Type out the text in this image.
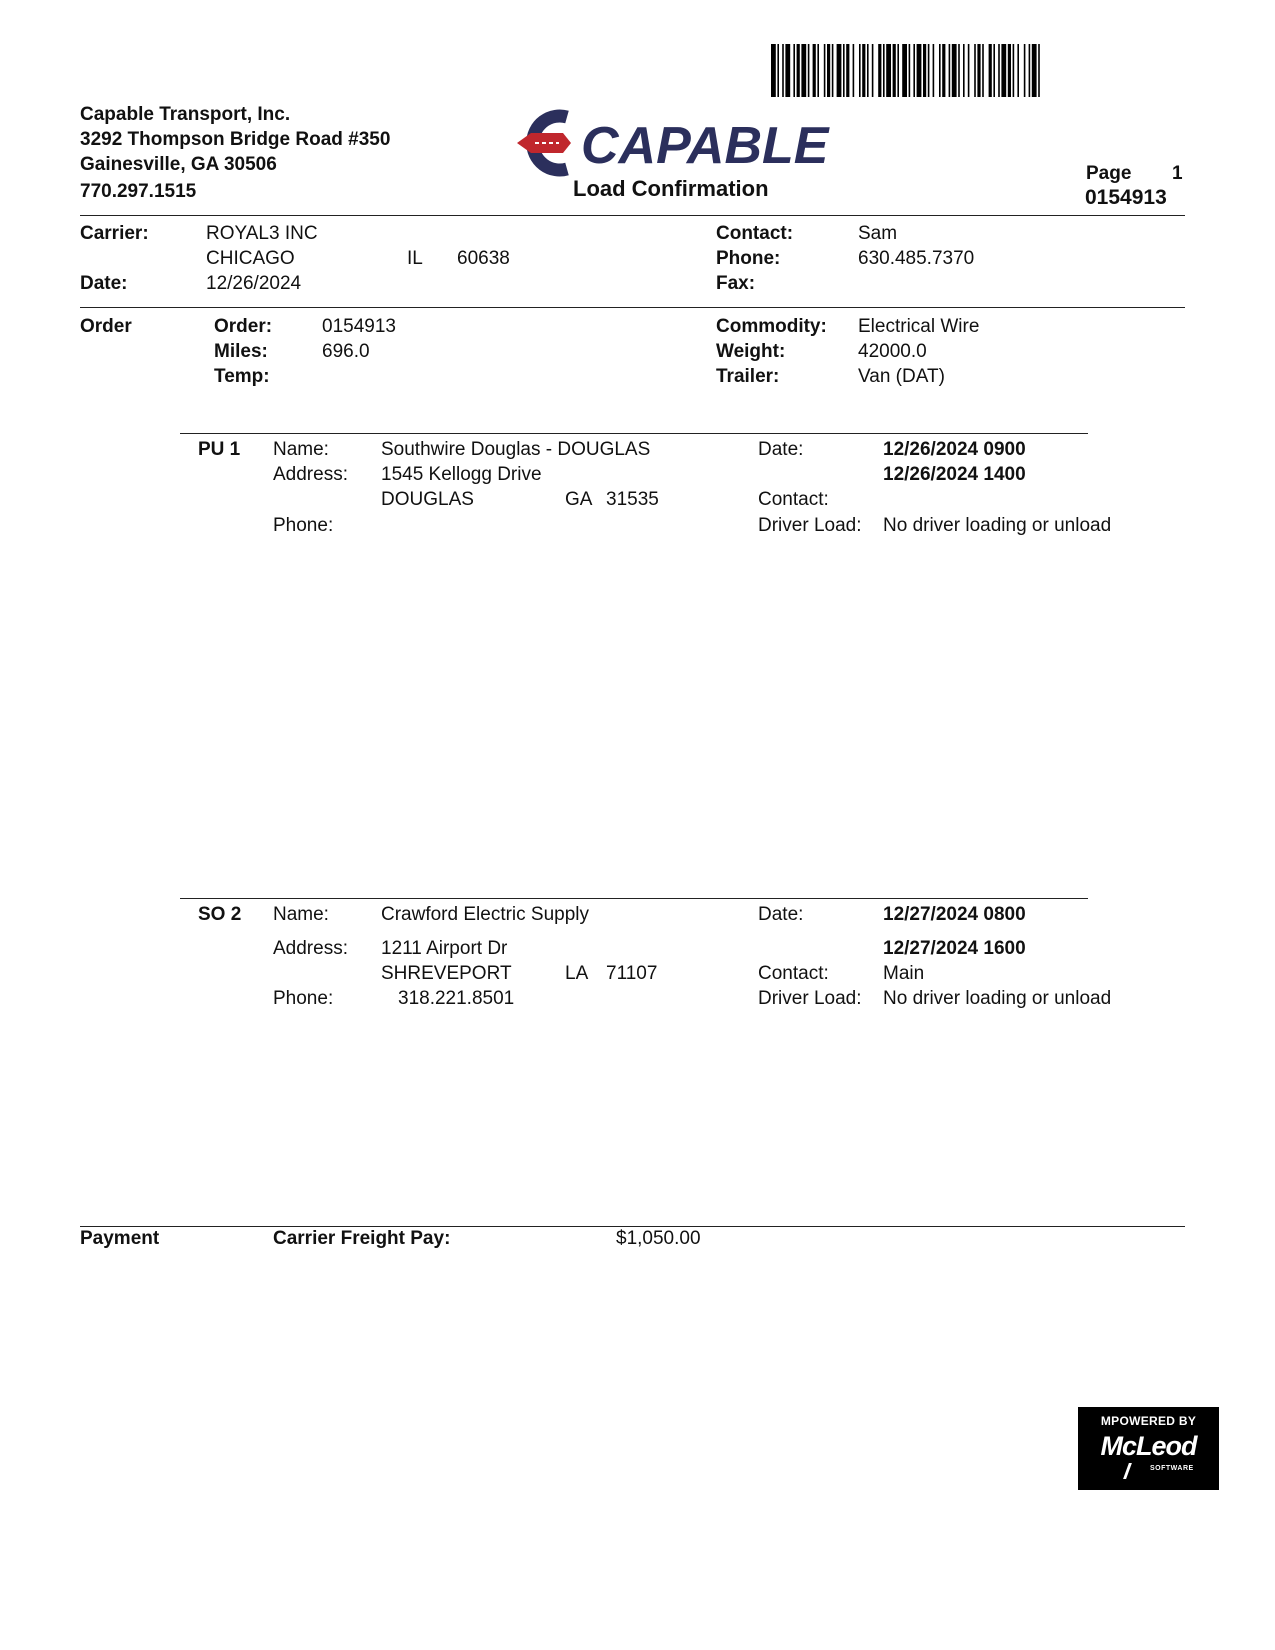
Capable Transport, Inc.
3292 Thompson Bridge Road #350
Gainesville, GA 30506
770.297.1515
CAPABLE
Load Confirmation
Page 1
0154913
Carrier:	ROYAL3 INC
CHICAGO	IL 60638
Date:	12/26/2024
Contact:	Sam
Phone:	630.485.7370
Fax:
Order	Order:	0154913
Miles:	696.0
Temp:
Commodity: Electrical Wire
Weight:	42000.0
Trailer:	Van (DAT)
PU 1 Name:	Southwire Douglas - DOUGLAS
Address: 1545 Kellogg Drive
DOUGLAS	GA 31535
Phone:
Date:	12/26/2024 0900
12/26/2024 1400
Contact:
Driver Load: No driver loading or unload
SO 2 Name:	Crawford Electric Supply
Address: 1211 Airport Dr
SHREVEPORT	LA 71107
Phone:	318.221.8501
Date:	12/27/2024 0800
12/27/2024 1600
Contact:	Main
Driver Load: No driver loading or unload
Payment	Carrier Freight Pay:	$1,050.00
MPOWERED BY
McLeod
SOFTWARE
